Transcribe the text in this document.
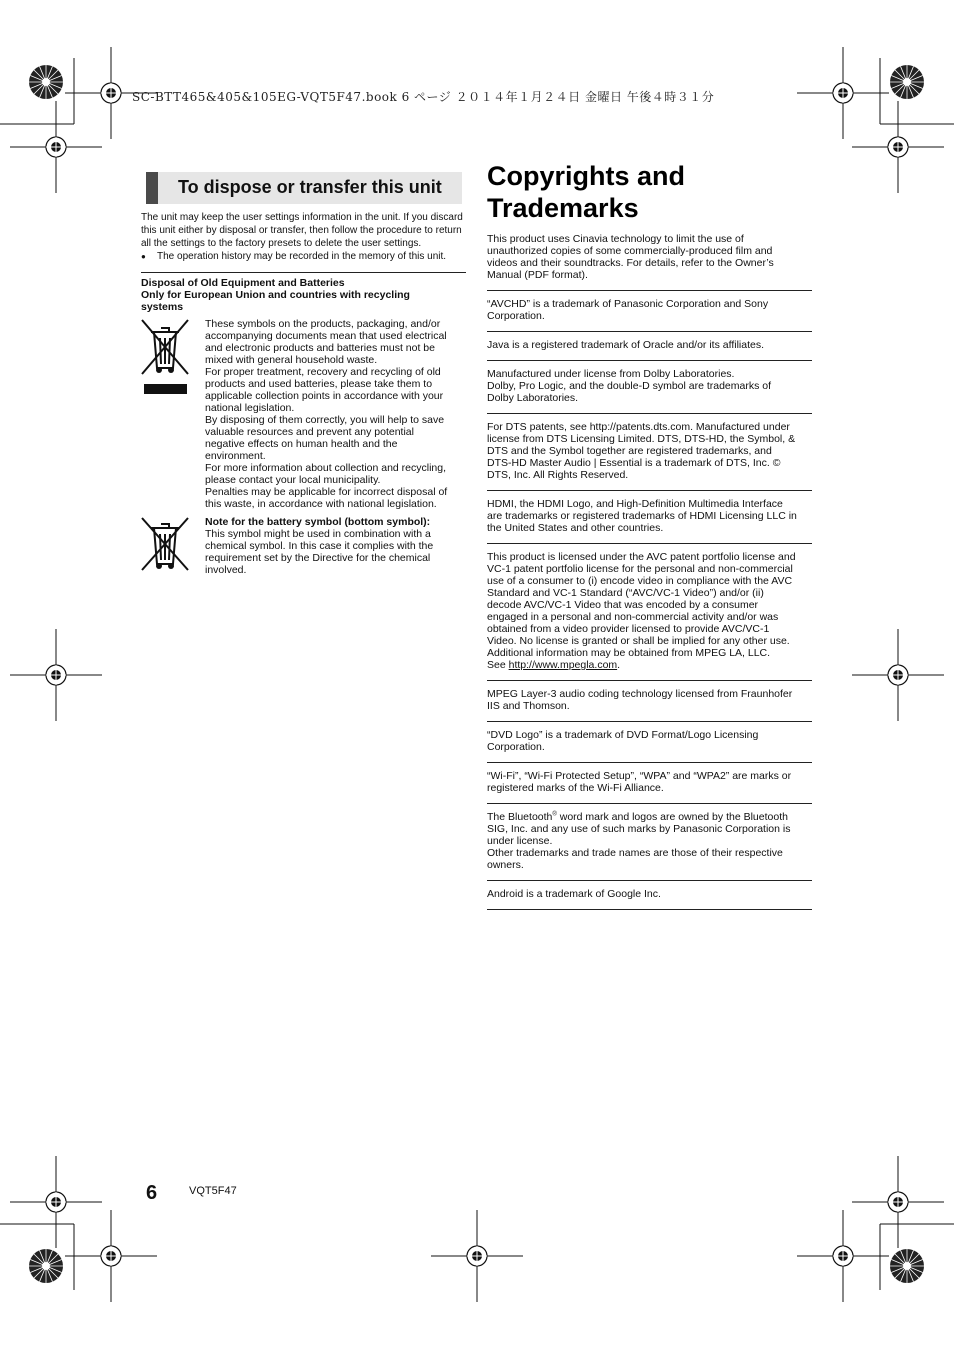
SC-BTT465&405&105EG-VQT5F47.book 6 ページ ２０１４年１月２４日 金曜日 午後４時３１分
To dispose or transfer this unit

The unit may keep the user settings information in the unit. If you discard

this unit either by disposal or transfer, then follow the procedure to return

all the settings to the factory presets to delete the user settings.

● The operation history may be recorded in the memory of this unit.

Disposal of Old Equipment and Batteries

Only for European Union and countries with recycling

systems

These symbols on the products, packaging, and/or

accompanying documents mean that used electrical

and electronic products and batteries must not be

mixed with general household waste.

For proper treatment, recovery and recycling of old

products and used batteries, please take them to

applicable collection points in accordance with your

national legislation.

By disposing of them correctly, you will help to save

valuable resources and prevent any potential

negative effects on human health and the

environment.

For more information about collection and recycling,

please contact your local municipality.

Penalties may be applicable for incorrect disposal of

this waste, in accordance with national legislation.

Note for the battery symbol (bottom symbol):

This symbol might be used in combination with a

chemical symbol. In this case it complies with the

requirement set by the Directive for the chemical

involved.

Copyrights and
Trademarks

This product uses Cinavia technology to limit the use of

unauthorized copies of some commercially-produced film and

videos and their soundtracks. For details, refer to the Owner’s

Manual (PDF format).

“AVCHD” is a trademark of Panasonic Corporation and Sony

Corporation.

Java is a registered trademark of Oracle and/or its affiliates.

Manufactured under license from Dolby Laboratories.

Dolby, Pro Logic, and the double-D symbol are trademarks of

Dolby Laboratories.

For DTS patents, see http://patents.dts.com. Manufactured under

license from DTS Licensing Limited. DTS, DTS-HD, the Symbol, &

DTS and the Symbol together are registered trademarks, and

DTS-HD Master Audio | Essential is a trademark of DTS, Inc. ©

DTS, Inc. All Rights Reserved.

HDMI, the HDMI Logo, and High-Definition Multimedia Interface

are trademarks or registered trademarks of HDMI Licensing LLC in

the United States and other countries.

This product is licensed under the AVC patent portfolio license and

VC-1 patent portfolio license for the personal and non-commercial

use of a consumer to (i) encode video in compliance with the AVC

Standard and VC-1 Standard (“AVC/VC-1 Video”) and/or (ii)

decode AVC/VC-1 Video that was encoded by a consumer

engaged in a personal and non-commercial activity and/or was

obtained from a video provider licensed to provide AVC/VC-1

Video. No license is granted or shall be implied for any other use.

Additional information may be obtained from MPEG LA, LLC.

See http://www.mpegla.com.

MPEG Layer-3 audio coding technology licensed from Fraunhofer

IIS and Thomson.

“DVD Logo” is a trademark of DVD Format/Logo Licensing

Corporation.

“Wi-Fi”, “Wi-Fi Protected Setup”, “WPA” and “WPA2” are marks or

registered marks of the Wi-Fi Alliance.

The Bluetooth® word mark and logos are owned by the Bluetooth

SIG, Inc. and any use of such marks by Panasonic Corporation is

under license.

Other trademarks and trade names are those of their respective

owners.

Android is a trademark of Google Inc.

6	VQT5F47
